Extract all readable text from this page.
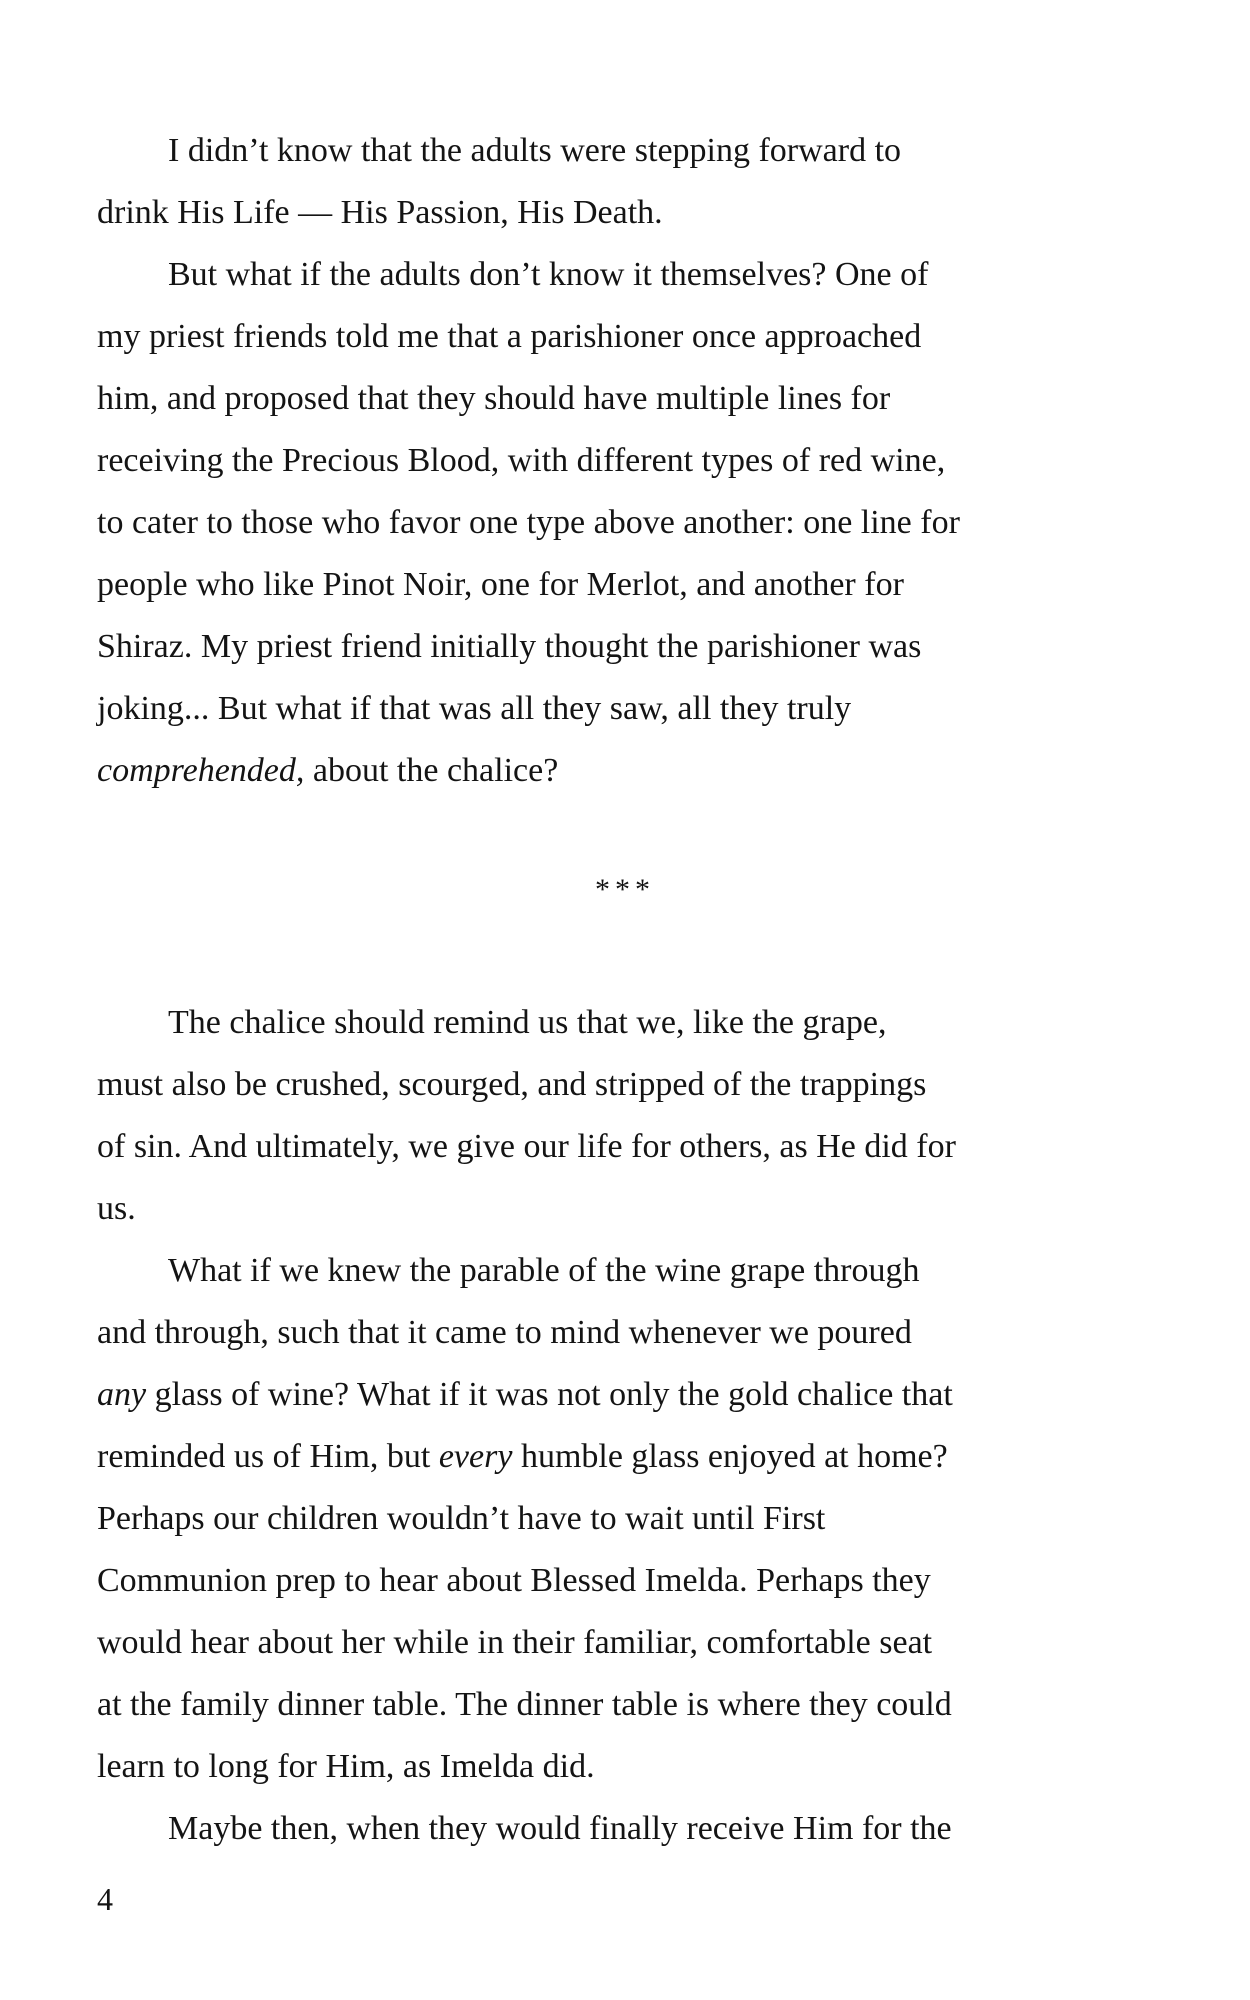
I didn’t know that the adults were stepping forward to
drink His Life — His Passion, His Death.
But what if the adults don’t know it themselves? One of
my priest friends told me that a parishioner once approached
him, and proposed that they should have multiple lines for
receiving the Precious Blood, with different types of red wine,
to cater to those who favor one type above another: one line for
people who like Pinot Noir, one for Merlot, and another for
Shiraz. My priest friend initially thought the parishioner was
joking... But what if that was all they saw, all they truly
comprehended, about the chalice?
***
The chalice should remind us that we, like the grape,
must also be crushed, scourged, and stripped of the trappings
of sin. And ultimately, we give our life for others, as He did for
us.
What if we knew the parable of the wine grape through
and through, such that it came to mind whenever we poured
any glass of wine? What if it was not only the gold chalice that
reminded us of Him, but every humble glass enjoyed at home?
Perhaps our children wouldn’t have to wait until First
Communion prep to hear about Blessed Imelda. Perhaps they
would hear about her while in their familiar, comfortable seat
at the family dinner table. The dinner table is where they could
learn to long for Him, as Imelda did.
Maybe then, when they would finally receive Him for the
4
